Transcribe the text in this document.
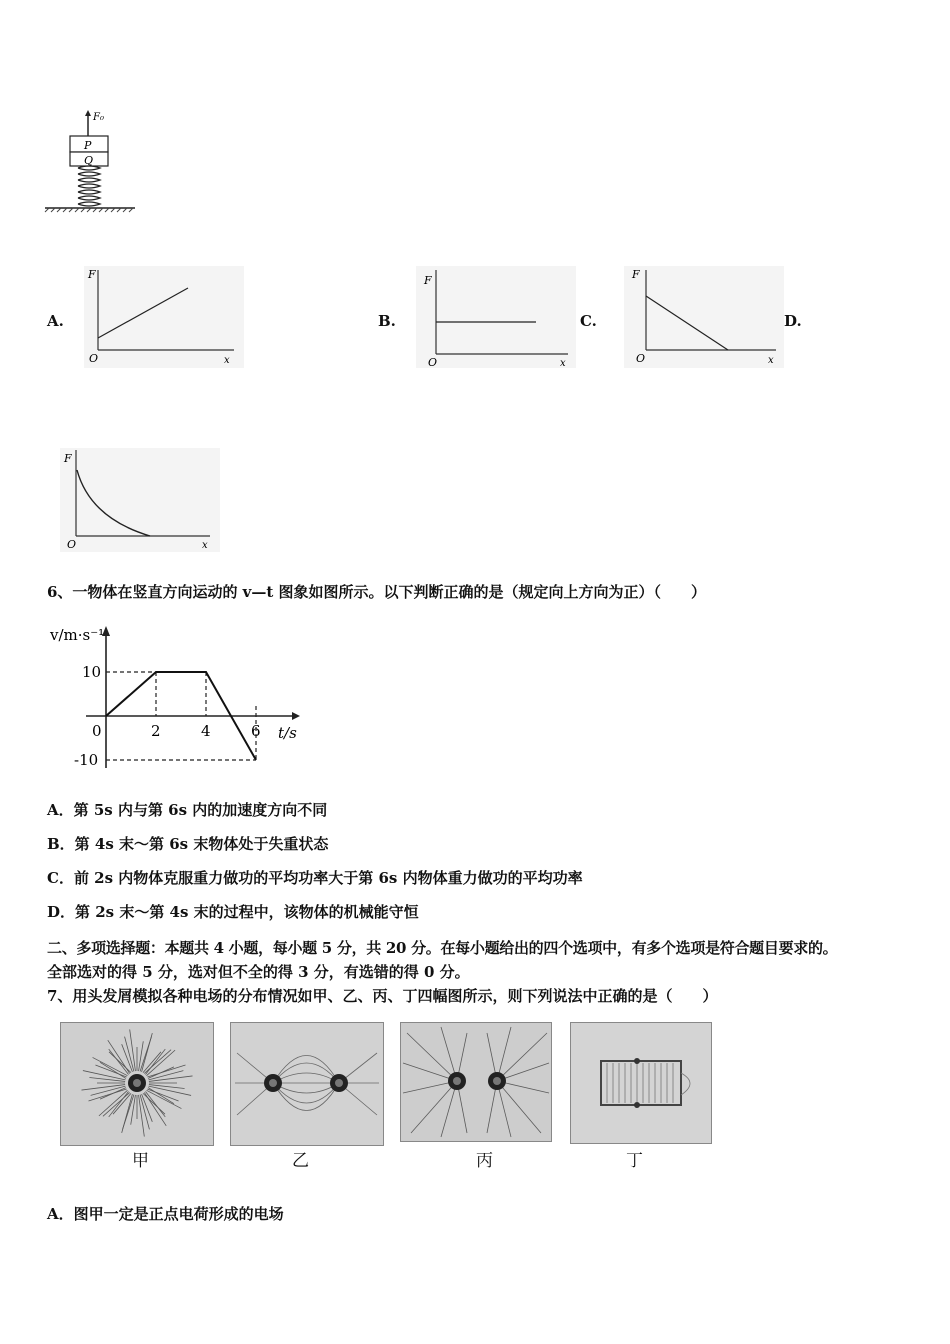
F₀
P
Q
A.	B.	C.	D.
F
x
O
F
x
O
F
x
O
F
x
O
6、一物体在竖直方向运动的 v—t 图象如图所示。以下判断正确的是（规定向上方向为正）（　　）
v/m·s⁻¹
t/s
2	4	6
10
0
-10
A．第 5s 内与第 6s 内的加速度方向不同
B．第 4s 末～第 6s 末物体处于失重状态
C．前 2s 内物体克服重力做功的平均功率大于第 6s 内物体重力做功的平均功率
D．第 2s 末～第 4s 末的过程中，该物体的机械能守恒
二、多项选择题：本题共 4 小题，每小题 5 分，共 20 分。在每小题给出的四个选项中，有多个选项是符合题目要求的。
全部选对的得 5 分，选对但不全的得 3 分，有选错的得 0 分。
7、用头发屑模拟各种电场的分布情况如甲、乙、丙、丁四幅图所示，则下列说法中正确的是（　　）
甲	乙	丙	丁
A．图甲一定是正点电荷形成的电场
